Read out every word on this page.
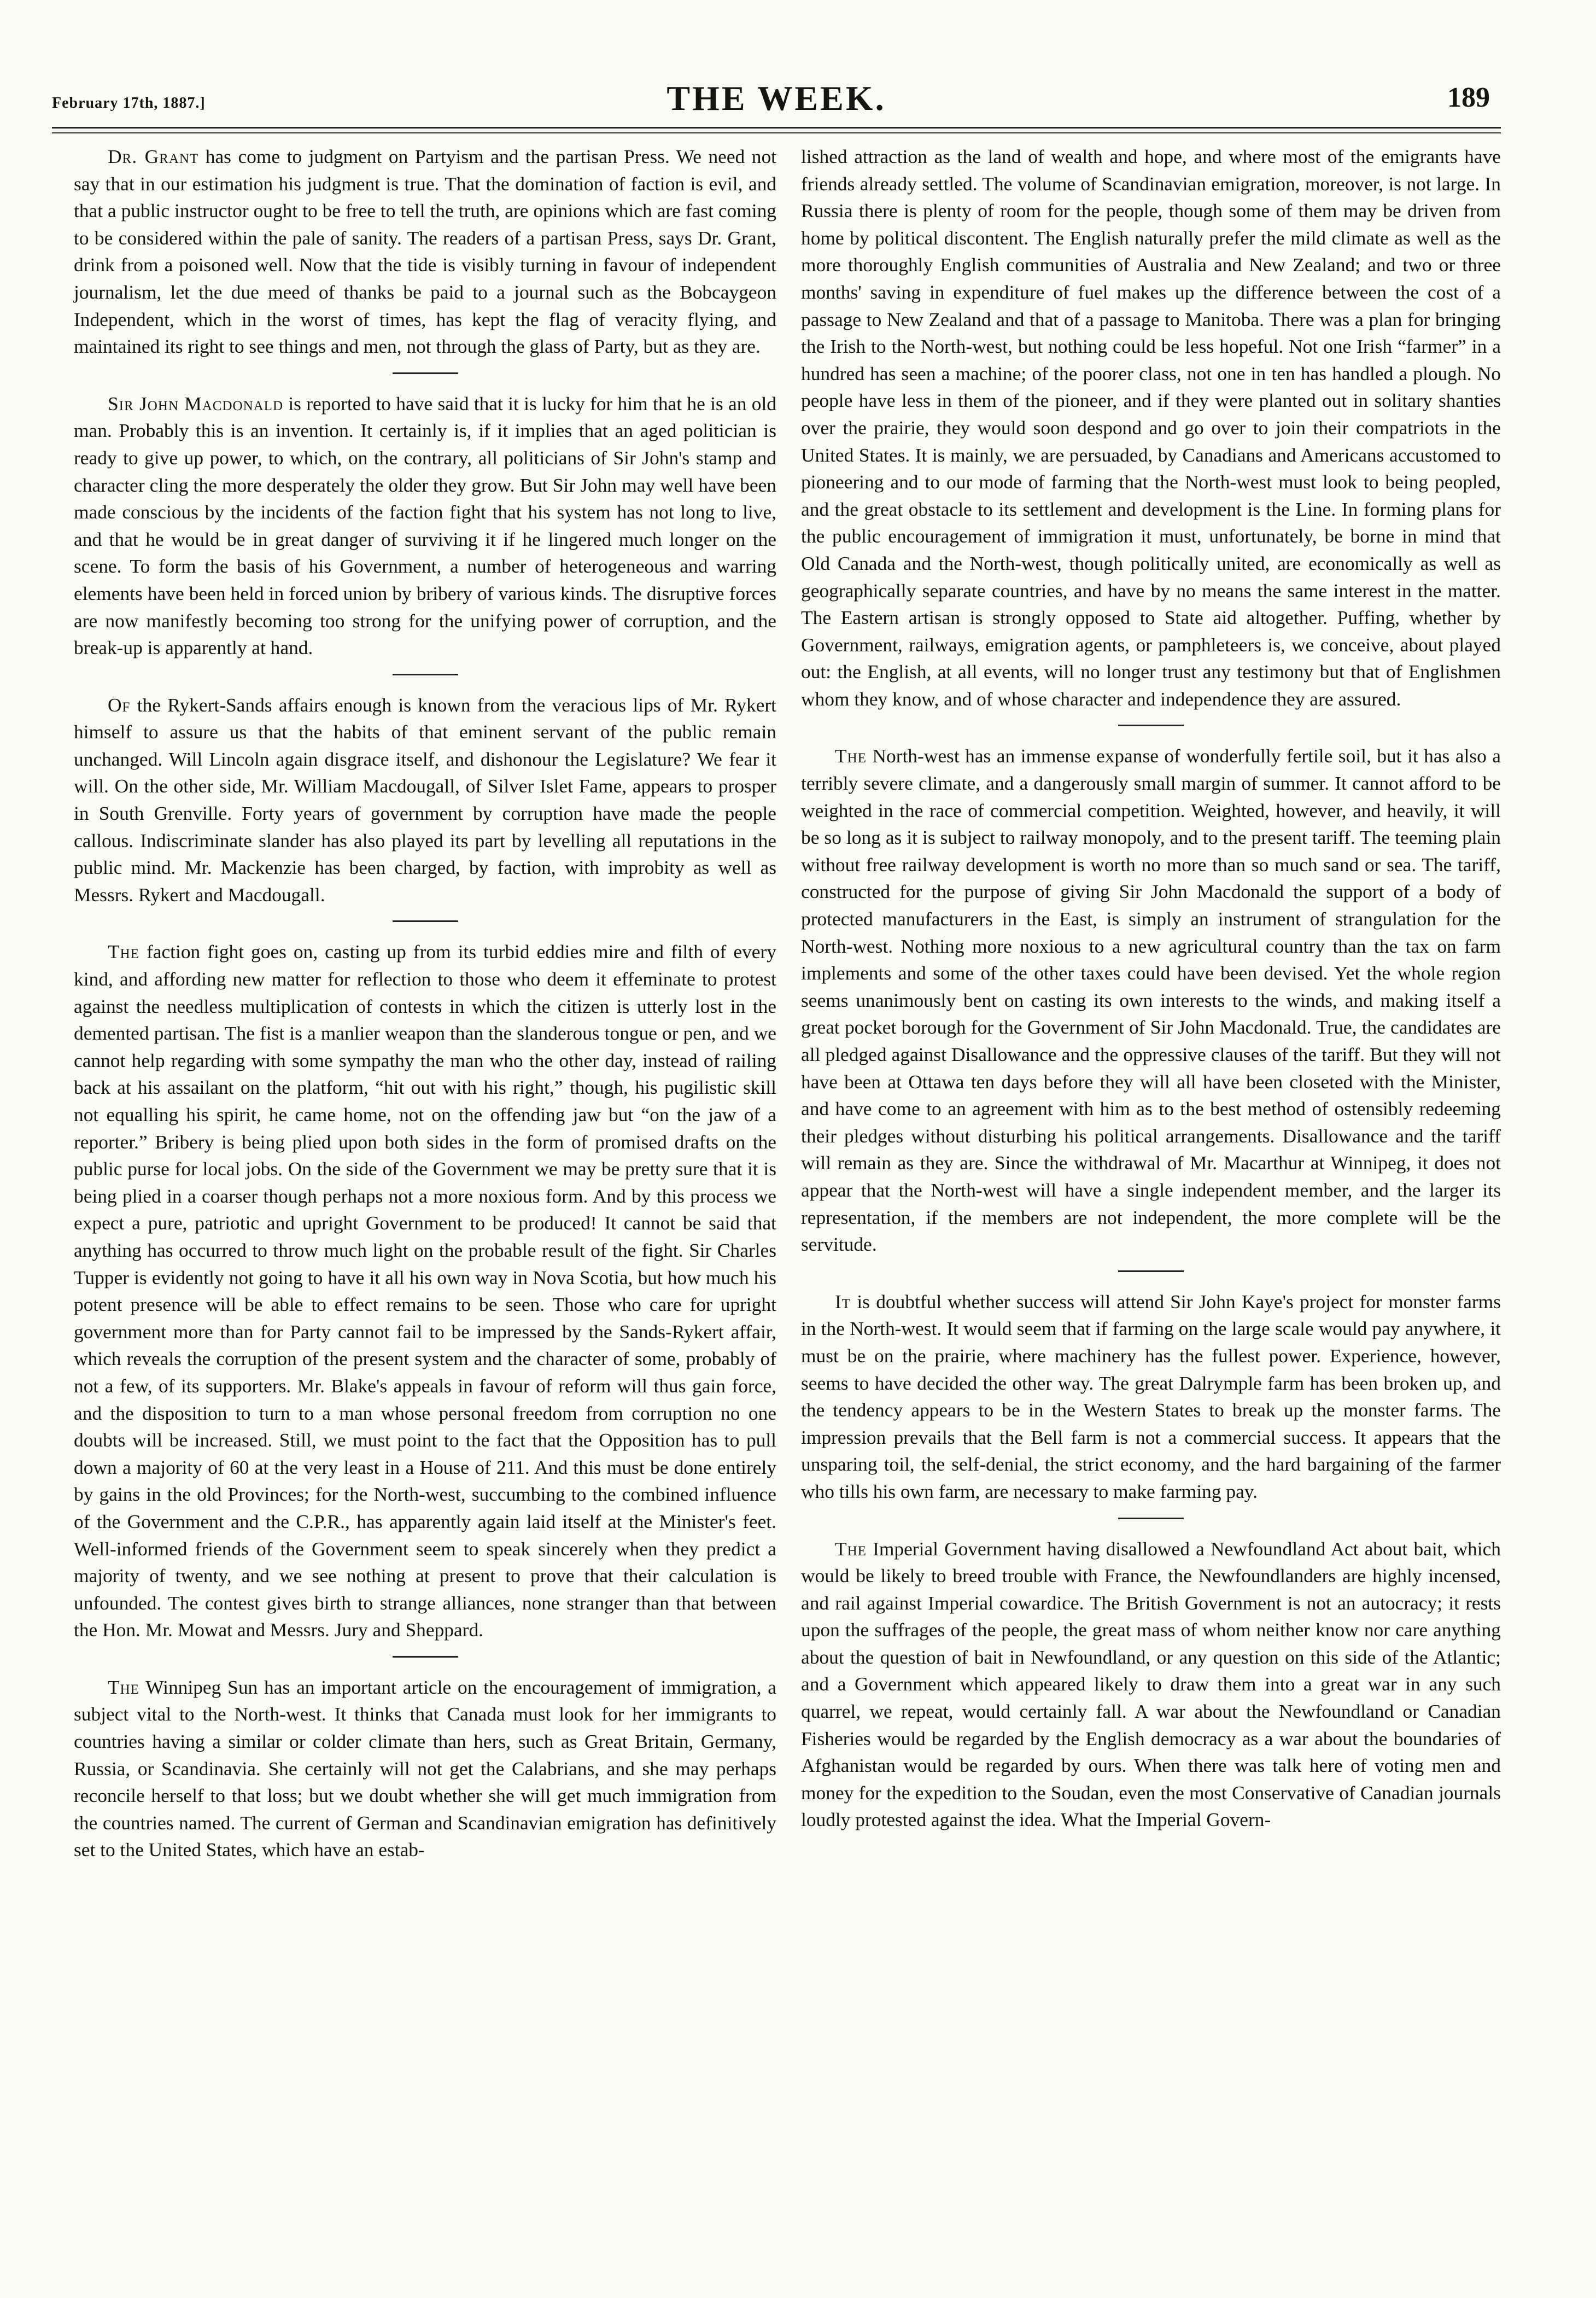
February 17th, 1887.]	THE WEEK.	189

Dr. Grant has come to judgment on Partyism and the partisan Press. We need not say that in our estimation his judgment is true. That the domination of faction is evil, and that a public instructor ought to be free to tell the truth, are opinions which are fast coming to be considered within the pale of sanity. The readers of a partisan Press, says Dr. Grant, drink from a poisoned well. Now that the tide is visibly turning in favour of independent journalism, let the due meed of thanks be paid to a journal such as the Bobcaygeon Independent, which in the worst of times, has kept the flag of veracity flying, and maintained its right to see things and men, not through the glass of Party, but as they are.

Sir John Macdonald is reported to have said that it is lucky for him that he is an old man. Probably this is an invention. It certainly is, if it implies that an aged politician is ready to give up power, to which, on the contrary, all politicians of Sir John's stamp and character cling the more desperately the older they grow. But Sir John may well have been made conscious by the incidents of the faction fight that his system has not long to live, and that he would be in great danger of surviving it if he lingered much longer on the scene. To form the basis of his Government, a number of heterogeneous and warring elements have been held in forced union by bribery of various kinds. The disruptive forces are now manifestly becoming too strong for the unifying power of corruption, and the break-up is apparently at hand.

Of the Rykert-Sands affairs enough is known from the veracious lips of Mr. Rykert himself to assure us that the habits of that eminent servant of the public remain unchanged. Will Lincoln again disgrace itself, and dishonour the Legislature? We fear it will. On the other side, Mr. William Macdougall, of Silver Islet Fame, appears to prosper in South Grenville. Forty years of government by corruption have made the people callous. Indiscriminate slander has also played its part by levelling all reputations in the public mind. Mr. Mackenzie has been charged, by faction, with improbity as well as Messrs. Rykert and Macdougall.

The faction fight goes on, casting up from its turbid eddies mire and filth of every kind, and affording new matter for reflection to those who deem it effeminate to protest against the needless multiplication of contests in which the citizen is utterly lost in the demented partisan. The fist is a manlier weapon than the slanderous tongue or pen, and we cannot help regarding with some sympathy the man who the other day, instead of railing back at his assailant on the platform, “hit out with his right,” though, his pugilistic skill not equalling his spirit, he came home, not on the offending jaw but “on the jaw of a reporter.” Bribery is being plied upon both sides in the form of promised drafts on the public purse for local jobs. On the side of the Government we may be pretty sure that it is being plied in a coarser though perhaps not a more noxious form. And by this process we expect a pure, patriotic and upright Government to be produced! It cannot be said that anything has occurred to throw much light on the probable result of the fight. Sir Charles Tupper is evidently not going to have it all his own way in Nova Scotia, but how much his potent presence will be able to effect remains to be seen. Those who care for upright government more than for Party cannot fail to be impressed by the Sands-Rykert affair, which reveals the corruption of the present system and the character of some, probably of not a few, of its supporters. Mr. Blake's appeals in favour of reform will thus gain force, and the disposition to turn to a man whose personal freedom from corruption no one doubts will be increased. Still, we must point to the fact that the Opposition has to pull down a majority of 60 at the very least in a House of 211. And this must be done entirely by gains in the old Provinces; for the North-west, succumbing to the combined influence of the Government and the C.P.R., has apparently again laid itself at the Minister's feet. Well-informed friends of the Government seem to speak sincerely when they predict a majority of twenty, and we see nothing at present to prove that their calculation is unfounded. The contest gives birth to strange alliances, none stranger than that between the Hon. Mr. Mowat and Messrs. Jury and Sheppard.

The Winnipeg Sun has an important article on the encouragement of immigration, a subject vital to the North-west. It thinks that Canada must look for her immigrants to countries having a similar or colder climate than hers, such as Great Britain, Germany, Russia, or Scandinavia. She certainly will not get the Calabrians, and she may perhaps reconcile herself to that loss; but we doubt whether she will get much immigration from the countries named. The current of German and Scandinavian emigration has definitively set to the United States, which have an estab-

lished attraction as the land of wealth and hope, and where most of the emigrants have friends already settled. The volume of Scandinavian emigration, moreover, is not large. In Russia there is plenty of room for the people, though some of them may be driven from home by political discontent. The English naturally prefer the mild climate as well as the more thoroughly English communities of Australia and New Zealand; and two or three months' saving in expenditure of fuel makes up the difference between the cost of a passage to New Zealand and that of a passage to Manitoba. There was a plan for bringing the Irish to the North-west, but nothing could be less hopeful. Not one Irish “farmer” in a hundred has seen a machine; of the poorer class, not one in ten has handled a plough. No people have less in them of the pioneer, and if they were planted out in solitary shanties over the prairie, they would soon despond and go over to join their compatriots in the United States. It is mainly, we are persuaded, by Canadians and Americans accustomed to pioneering and to our mode of farming that the North-west must look to being peopled, and the great obstacle to its settlement and development is the Line. In forming plans for the public encouragement of immigration it must, unfortunately, be borne in mind that Old Canada and the North-west, though politically united, are economically as well as geographically separate countries, and have by no means the same interest in the matter. The Eastern artisan is strongly opposed to State aid altogether. Puffing, whether by Government, railways, emigration agents, or pamphleteers is, we conceive, about played out: the English, at all events, will no longer trust any testimony but that of Englishmen whom they know, and of whose character and independence they are assured.

The North-west has an immense expanse of wonderfully fertile soil, but it has also a terribly severe climate, and a dangerously small margin of summer. It cannot afford to be weighted in the race of commercial competition. Weighted, however, and heavily, it will be so long as it is subject to railway monopoly, and to the present tariff. The teeming plain without free railway development is worth no more than so much sand or sea. The tariff, constructed for the purpose of giving Sir John Macdonald the support of a body of protected manufacturers in the East, is simply an instrument of strangulation for the North-west. Nothing more noxious to a new agricultural country than the tax on farm implements and some of the other taxes could have been devised. Yet the whole region seems unanimously bent on casting its own interests to the winds, and making itself a great pocket borough for the Government of Sir John Macdonald. True, the candidates are all pledged against Disallowance and the oppressive clauses of the tariff. But they will not have been at Ottawa ten days before they will all have been closeted with the Minister, and have come to an agreement with him as to the best method of ostensibly redeeming their pledges without disturbing his political arrangements. Disallowance and the tariff will remain as they are. Since the withdrawal of Mr. Macarthur at Winnipeg, it does not appear that the North-west will have a single independent member, and the larger its representation, if the members are not independent, the more complete will be the servitude.

It is doubtful whether success will attend Sir John Kaye's project for monster farms in the North-west. It would seem that if farming on the large scale would pay anywhere, it must be on the prairie, where machinery has the fullest power. Experience, however, seems to have decided the other way. The great Dalrymple farm has been broken up, and the tendency appears to be in the Western States to break up the monster farms. The impression prevails that the Bell farm is not a commercial success. It appears that the unsparing toil, the self-denial, the strict economy, and the hard bargaining of the farmer who tills his own farm, are necessary to make farming pay.

The Imperial Government having disallowed a Newfoundland Act about bait, which would be likely to breed trouble with France, the Newfoundlanders are highly incensed, and rail against Imperial cowardice. The British Government is not an autocracy; it rests upon the suffrages of the people, the great mass of whom neither know nor care anything about the question of bait in Newfoundland, or any question on this side of the Atlantic; and a Government which appeared likely to draw them into a great war in any such quarrel, we repeat, would certainly fall. A war about the Newfoundland or Canadian Fisheries would be regarded by the English democracy as a war about the boundaries of Afghanistan would be regarded by ours. When there was talk here of voting men and money for the expedition to the Soudan, even the most Conservative of Canadian journals loudly protested against the idea. What the Imperial Govern-
